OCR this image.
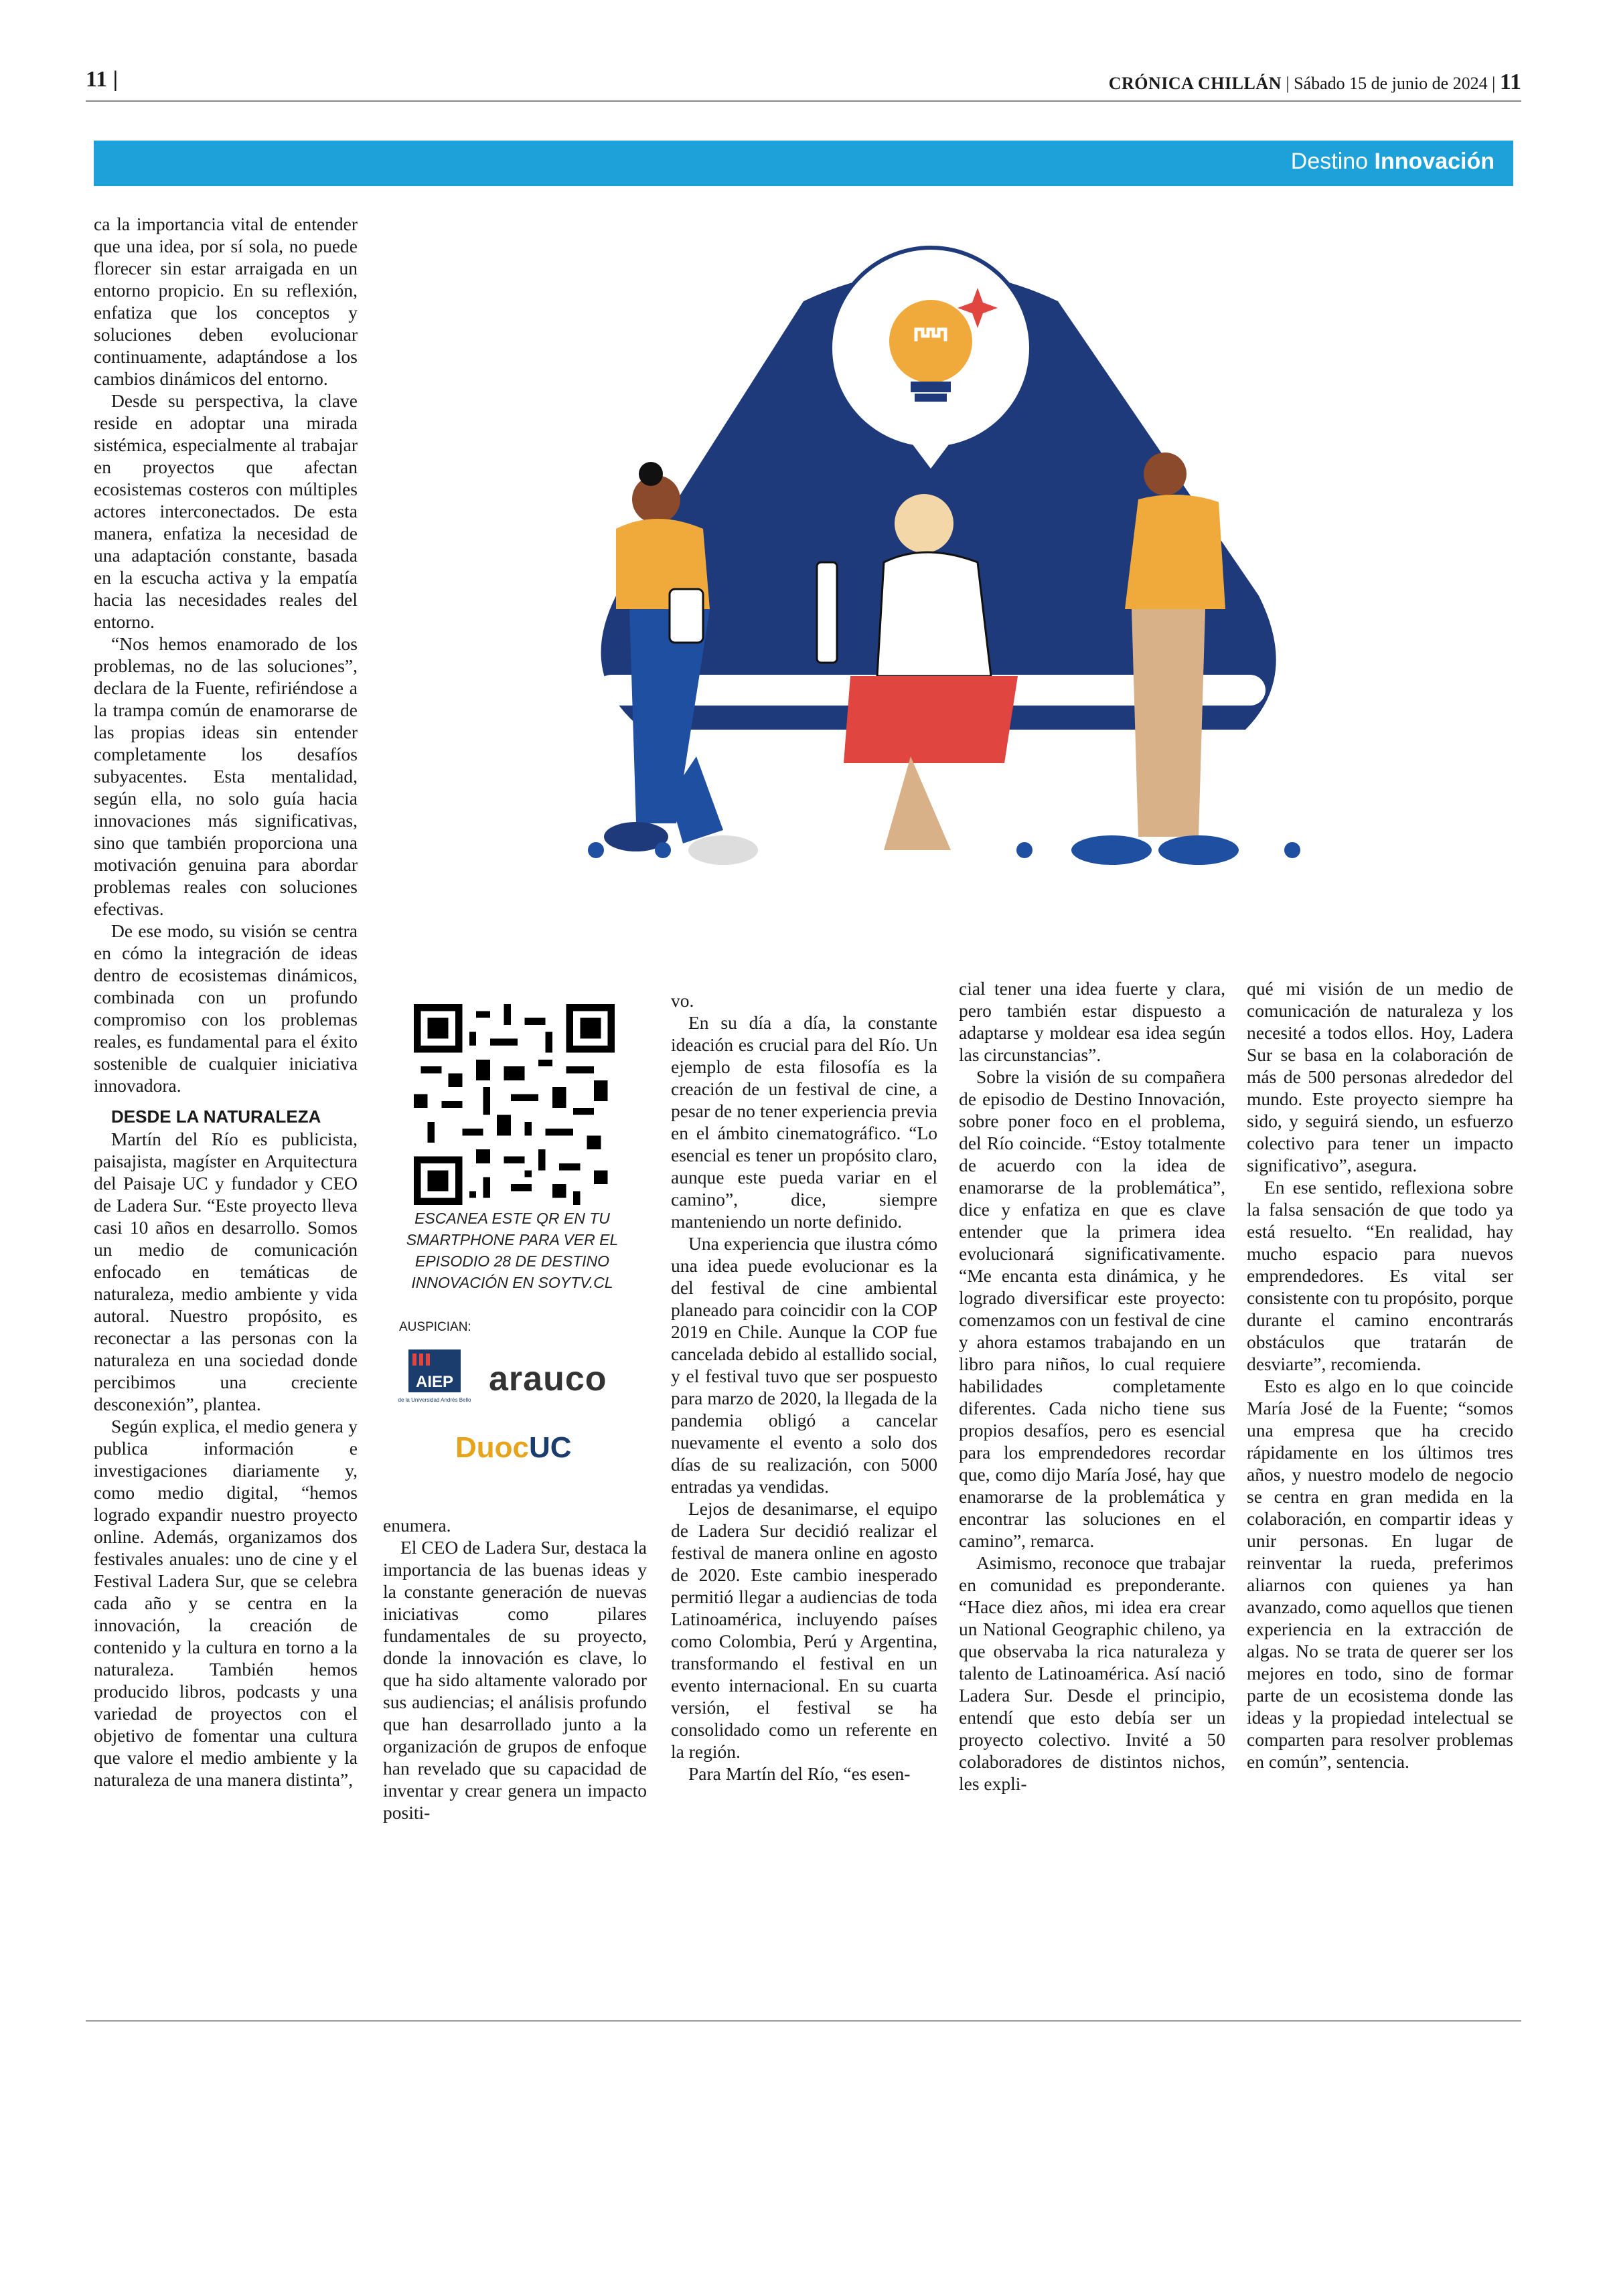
11 |	CRÓNICA CHILLÁN | Sábado 15 de junio de 2024 | 11
Destino Innovación

ca la importancia vital de entender que una idea, por sí sola, no puede florecer sin estar arraigada en un entorno propicio. En su reflexión, enfatiza que los conceptos y soluciones deben evolucionar continuamente, adaptándose a los cambios dinámicos del entorno.

Desde su perspectiva, la clave reside en adoptar una mirada sistémica, especialmente al trabajar en proyectos que afectan ecosistemas costeros con múltiples actores interconectados. De esta manera, enfatiza la necesidad de una adaptación constante, basada en la escucha activa y la empatía hacia las necesidades reales del entorno.

“Nos hemos enamorado de los problemas, no de las soluciones”, declara de la Fuente, refiriéndose a la trampa común de enamorarse de las propias ideas sin entender completamente los desafíos subyacentes. Esta mentalidad, según ella, no solo guía hacia innovaciones más significativas, sino que también proporciona una motivación genuina para abordar problemas reales con soluciones efectivas.

De ese modo, su visión se centra en cómo la integración de ideas dentro de ecosistemas dinámicos, combinada con un profundo compromiso con los problemas reales, es fundamental para el éxito sostenible de cualquier iniciativa innovadora.

DESDE LA NATURALEZA

Martín del Río es publicista, paisajista, magíster en Arquitectura del Paisaje UC y fundador y CEO de Ladera Sur. “Este proyecto lleva casi 10 años en desarrollo. Somos un medio de comunicación enfocado en temáticas de naturaleza, medio ambiente y vida autoral. Nuestro propósito, es reconectar a las personas con la naturaleza en una sociedad donde percibimos una creciente desconexión”, plantea.

Según explica, el medio genera y publica información e investigaciones diariamente y, como medio digital, “hemos logrado expandir nuestro proyecto online. Además, organizamos dos festivales anuales: uno de cine y el Festival Ladera Sur, que se celebra cada año y se centra en la innovación, la creación de contenido y la cultura en torno a la naturaleza. También hemos producido libros, podcasts y una variedad de proyectos con el objetivo de fomentar una cultura que valore el medio ambiente y la naturaleza de una manera distinta”,

ESCANEA ESTE QR EN TU SMARTPHONE PARA VER EL EPISODIO 28 DE DESTINO INNOVACIÓN EN SOYTV.CL
AUSPICIAN:
AIEP
de la Universidad Andrés Bello
arauco
DuocUC

enumera.

El CEO de Ladera Sur, destaca la importancia de las buenas ideas y la constante generación de nuevas iniciativas como pilares fundamentales de su proyecto, donde la innovación es clave, lo que ha sido altamente valorado por sus audiencias; el análisis profundo que han desarrollado junto a la organización de grupos de enfoque han revelado que su capacidad de inventar y crear genera un impacto positi-

vo.

En su día a día, la constante ideación es crucial para del Río. Un ejemplo de esta filosofía es la creación de un festival de cine, a pesar de no tener experiencia previa en el ámbito cinematográfico. “Lo esencial es tener un propósito claro, aunque este pueda variar en el camino”, dice, siempre manteniendo un norte definido.

Una experiencia que ilustra cómo una idea puede evolucionar es la del festival de cine ambiental planeado para coincidir con la COP 2019 en Chile. Aunque la COP fue cancelada debido al estallido social, y el festival tuvo que ser pospuesto para marzo de 2020, la llegada de la pandemia obligó a cancelar nuevamente el evento a solo dos días de su realización, con 5000 entradas ya vendidas.

Lejos de desanimarse, el equipo de Ladera Sur decidió realizar el festival de manera online en agosto de 2020. Este cambio inesperado permitió llegar a audiencias de toda Latinoamérica, incluyendo países como Colombia, Perú y Argentina, transformando el festival en un evento internacional. En su cuarta versión, el festival se ha consolidado como un referente en la región.

Para Martín del Río, “es esen-

cial tener una idea fuerte y clara, pero también estar dispuesto a adaptarse y moldear esa idea según las circunstancias”.

Sobre la visión de su compañera de episodio de Destino Innovación, sobre poner foco en el problema, del Río coincide. “Estoy totalmente de acuerdo con la idea de enamorarse de la problemática”, dice y enfatiza en que es clave entender que la primera idea evolucionará significativamente. “Me encanta esta dinámica, y he logrado diversificar este proyecto: comenzamos con un festival de cine y ahora estamos trabajando en un libro para niños, lo cual requiere habilidades completamente diferentes. Cada nicho tiene sus propios desafíos, pero es esencial para los emprendedores recordar que, como dijo María José, hay que enamorarse de la problemática y encontrar las soluciones en el camino”, remarca.

Asimismo, reconoce que trabajar en comunidad es preponderante. “Hace diez años, mi idea era crear un National Geographic chileno, ya que observaba la rica naturaleza y talento de Latinoamérica. Así nació Ladera Sur. Desde el principio, entendí que esto debía ser un proyecto colectivo. Invité a 50 colaboradores de distintos nichos, les expli-

qué mi visión de un medio de comunicación de naturaleza y los necesité a todos ellos. Hoy, Ladera Sur se basa en la colaboración de más de 500 personas alrededor del mundo. Este proyecto siempre ha sido, y seguirá siendo, un esfuerzo colectivo para tener un impacto significativo”, asegura.

En ese sentido, reflexiona sobre la falsa sensación de que todo ya está resuelto. “En realidad, hay mucho espacio para nuevos emprendedores. Es vital ser consistente con tu propósito, porque durante el camino encontrarás obstáculos que tratarán de desviarte”, recomienda.

Esto es algo en lo que coincide María José de la Fuente; “somos una empresa que ha crecido rápidamente en los últimos tres años, y nuestro modelo de negocio se centra en gran medida en la colaboración, en compartir ideas y unir personas. En lugar de reinventar la rueda, preferimos aliarnos con quienes ya han avanzado, como aquellos que tienen experiencia en la extracción de algas. No se trata de querer ser los mejores en todo, sino de formar parte de un ecosistema donde las ideas y la propiedad intelectual se comparten para resolver problemas en común”, sentencia.
